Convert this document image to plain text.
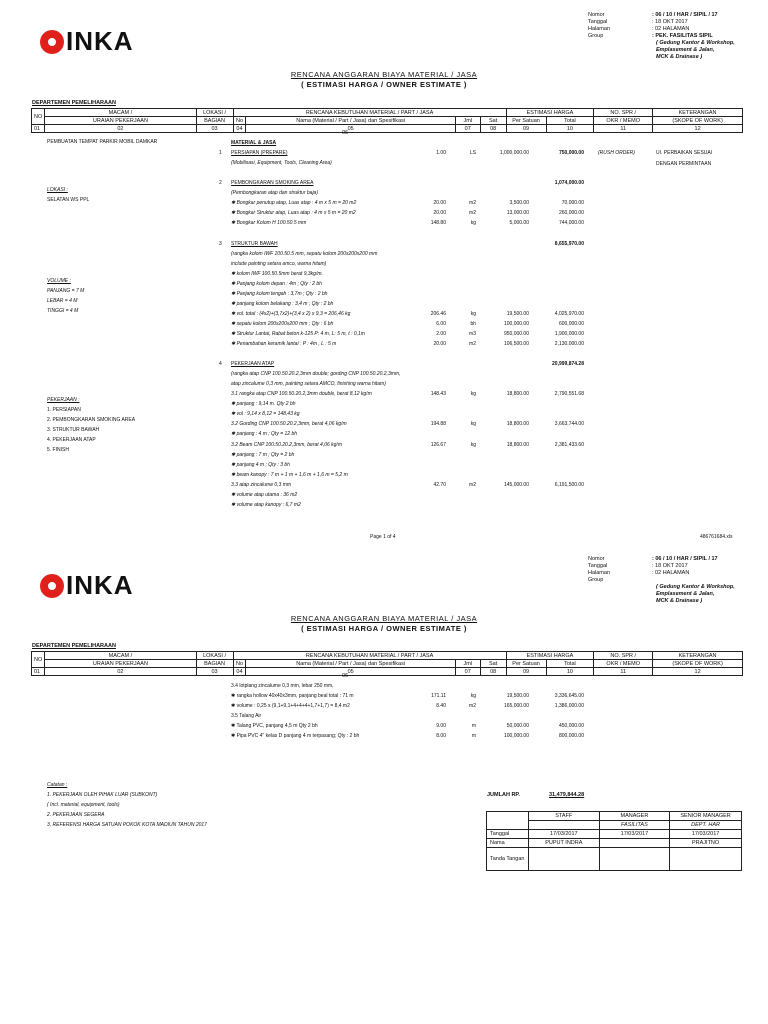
INKA
Nomor
Tanggal
Halaman
Group
: 06 / 10 / HAR / SIPIL / 17
: 18 OKT 2017
: 02 HALAMAN
: PEK. FASILITAS SIPIL
( Gedung Kantor & Workshop,
Emplasement & Jalan,
MCK & Drainase )
RENCANA ANGGARAN BIAYA MATERIAL / JASA
( ESTIMASI HARGA / OWNER ESTIMATE )
DEPARTEMEN PEMELIHARAAN
NO	MACAM /	LOKASI /	RENCANA KEBUTUHAN MATERIAL / PART / JASA				ESTIMASI HARGA		NO. SPR /	KETERANGAN
	URAIAN PEKERJAAN	BAGIAN	No	Nama (Material / Part / Jasa) dan Spesifikasi	Jml	Sat	Per Satuan	Total	OKR / MEMO	(SKOPE OF WORK)
01	02	03	04	05	07	08	09	10	11	12
06
PEMBUATAN TEMPAT PARKIR MOBIL DAMKAR
LOKASI :
SELATAN WS PPL
VOLUME :
PANJANG = 7 M
LEBAR = 4 M
TINGGI = 4 M
PEKERJAAN :
1. PERSIAPAN
2. PEMBONGKARAN SMOKING AREA
3. STRUKTUR BAWAH
4. PEKERJAAN ATAP
5. FINISH
(RUSH ORDER)	UI. PERBAIKAN SESUAI
DENGAN PERMINTAAN
MATERIAL & JASA
1 PERSIAPAN (PREPARE)	1.00	LS	1,000,000.00	750,000.00
(Mobilisasi, Equipment, Tools, Cleaning Area)
2 PEMBONGKARAN SMOKING AREA	1,074,000.00
(Pembongkaran atap dan struktur baja)
✱ Bongkar penutup atap, Luas atap : 4 m x 5 m = 20 m2	20.00	m2	3,500.00	70,000.00
✱ Bongkar Struktur atap, Luas atap : 4 m x 5 m = 20 m2	20.00	m2	13,000.00	260,000.00
✱ Bongkar Kolom H 100.50.5 mm	148.80	kg	5,000.00	744,000.00
3 STRUKTUR BAWAH	8,655,970.00
(rangka kolom IWF 100.50.5 mm, sepatu kolom 200x200x200 mm
include painting setara amco, warna hitam)
✱ kolom IWF 100.50.5mm berat 9,3kg/m.
✱ Panjang kolom depan : 4m ; Qty : 2 bh
✱ Panjang kolom tengah : 3,7m ; Qty : 2 bh
✱ panjang kolom belakang : 3,4 m ; Qty : 2 bh
✱ vol. total : (4x2)+(3,7x2)+(3,4 x 2) x 9,3 = 206,46 kg	206.46	kg	19,500.00	4,025,970.00
✱ sepatu kolom 200x200x200 mm ; Qty : 6 bh	6.00	bh	100,000.00	600,000.00
✱ Struktur Lantai, Rabat beton k-125 P: 4 m, L: 5 m, t : 0,1m	2.00	m3	950,000.00	1,900,000.00
✱ Penambahan keramik lantai : P : 4m , L : 5 m	20.00	m2	106,500.00	2,130,000.00
4 PEKERJAAN ATAP	20,999,874.28
(rangka atap CNP 100.50.20.2,3mm double; gording CNP 100.50.20.2,3mm,
atap zincalume 0,3 mm, painting setara AMCO, finishing warna hitam)
3.1 rangka atap CNP 100.50.20.2,3mm double, berat 8,12 kg/m	148.43	kg	18,800.00	2,790,551.68
✱ panjang : 9,14 m. Qty 2 bh
✱ vol : 9,14 x 8,12 = 148,43 kg
3.2 Gording CNP 100.50.20.2,3mm, berat 4,06 kg/m	194.88	kg	18,800.00	3,663,744.00
✱ panjang : 4 m ; Qty = 12 bh
3.2 Beam CNP 100.50.20.2,3mm, berat 4,06 kg/m	126.67	kg	18,800.00	2,381,433.60
✱ panjang : 7 m ; Qty = 2 bh
✱ panjang 4 m ; Qty : 3 bh
✱ beam kanopy : 7 m + 1 m + 1,6 m + 1,6 m = 5,2 m
3.3 atap zincalume 0,3 mm	42.70	m2	145,000.00	6,191,500.00
✱ volume atap utama : 36 m2
✱ volume atap kanopy : 6,7 m2
Page 1 of 4	486761684.xls
INKA
Nomor
Tanggal
Halaman
Group
: 06 / 10 / HAR / SIPIL / 17
: 18 OKT 2017
: 02 HALAMAN
( Gedung Kantor & Workshop,
Emplasement & Jalan,
MCK & Drainase )
RENCANA ANGGARAN BIAYA MATERIAL / JASA
( ESTIMASI HARGA / OWNER ESTIMATE )
DEPARTEMEN PEMELIHARAAN
NO	MACAM /	LOKASI /	RENCANA KEBUTUHAN MATERIAL / PART / JASA				ESTIMASI HARGA		NO. SPR /	KETERANGAN
	URAIAN PEKERJAAN	BAGIAN	No	Nama (Material / Part / Jasa) dan Spesifikasi	Jml	Sat	Per Satuan	Total	OKR / MEMO	(SKOPE OF WORK)
01	02	03	04	05	07	08	09	10	11	12
06
3.4 lotplang zincalume 0,3 mm, lebar 250 mm,
✱ rangka hollow 40x40x3mm, panjang beal total : 71 m	171.11	kg	19,500.00	3,336,645.00
✱ volume : 0,25 x (9,1+9,1+4+4+4+1,7+1,7) = 8,4 m2	8.40	m2	165,000.00	1,386,000.00
3.5 Talang Air
✱ Talang PVC, panjang 4,5 m Qty 2 bh	9.00	m	50,000.00	450,000.00
✱ Pipa PVC 4" kelas D panjang 4 m terpasang; Qty : 2 bh	8.00	m	100,000.00	800,000.00
Catatan :
1. PEKERJAAN OLEH PIHAK LUAR (SUBKONT)
( Incl. material, equipment, tools)
2. PEKERJAAN SEGERA
3. REFERENSI HARGA SATUAN POKOK KOTA MADIUN TAHUN 2017
JUMLAH RP.	31,479,844.28
	STAFF	MANAGER	SENIOR MANAGER
		FASILITAS	DEPT. HAR
Tanggal	17/03/2017	17/03/2017	17/03/2017
Nama	PUPUT INDRA		PRAJITNO
Tanda Tangan			
